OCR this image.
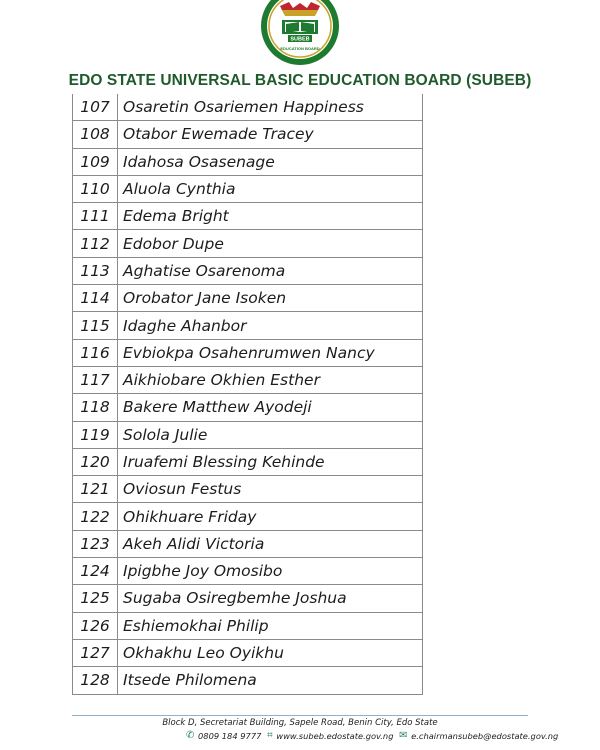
SUBEB
EDUCATION BOARD
EDO STATE UNIVERSAL BASIC EDUCATION BOARD (SUBEB)
107	Osaretin Osariemen Happiness
108	Otabor Ewemade Tracey
109	Idahosa Osasenage
110	Aluola Cynthia
111	Edema Bright
112	Edobor Dupe
113	Aghatise Osarenoma
114	Orobator Jane Isoken
115	Idaghe Ahanbor
116	Evbiokpa Osahenrumwen Nancy
117	Aikhiobare Okhien Esther
118	Bakere Matthew Ayodeji
119	Solola Julie
120	Iruafemi Blessing Kehinde
121	Oviosun Festus
122	Ohikhuare Friday
123	Akeh Alidi Victoria
124	Ipigbhe Joy Omosibo
125	Sugaba Osiregbemhe Joshua
126	Eshiemokhai Philip
127	Okhakhu Leo Oyikhu
128	Itsede Philomena
Block D, Secretariat Building, Sapele Road, Benin City, Edo State
✆ 0809 184 9777 ⌗ www.subeb.edostate.gov.ng ✉ e.chairmansubeb@edostate.gov.ng
